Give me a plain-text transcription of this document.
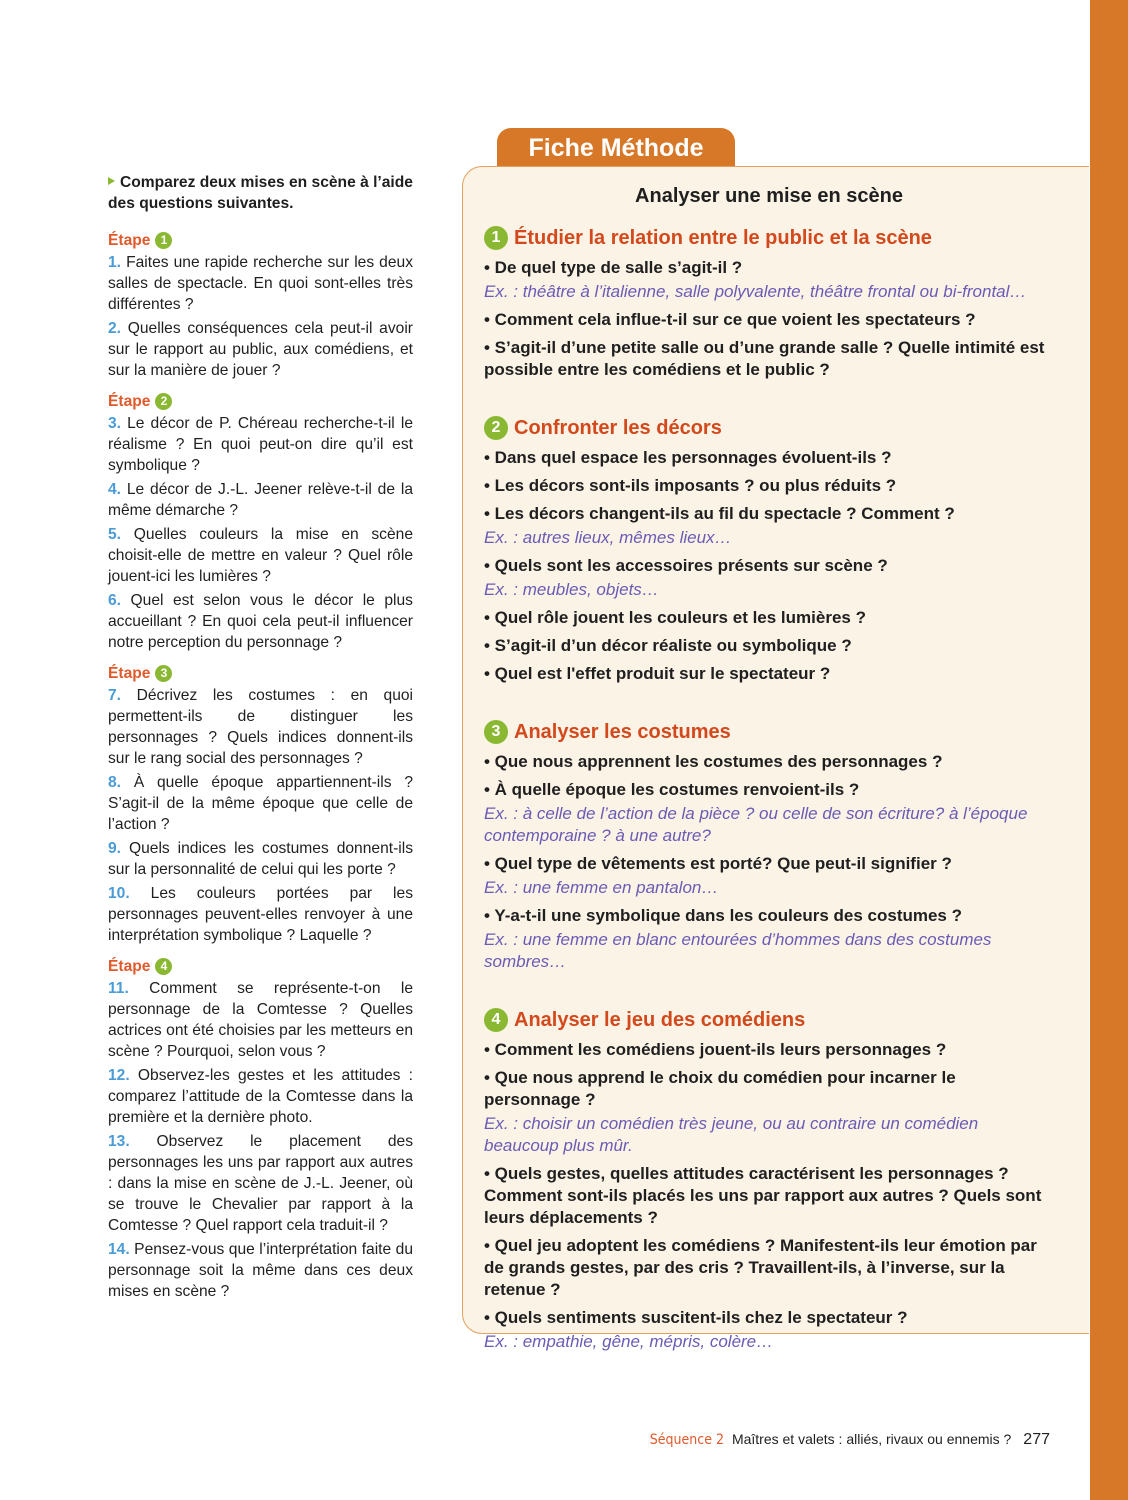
Comparez deux mises en scène à l’aide des questions suivantes.
Étape 1
1. Faites une rapide recherche sur les deux salles de spectacle. En quoi sont-elles très différentes ?
2. Quelles conséquences cela peut-il avoir sur le rapport au public, aux comédiens, et sur la manière de jouer ?
Étape 2
3. Le décor de P. Chéreau recherche-t-il le réalisme ? En quoi peut-on dire qu’il est symbolique ?
4. Le décor de J.-L. Jeener relève-t-il de la même démarche ?
5. Quelles couleurs la mise en scène choisit-elle de mettre en valeur ? Quel rôle jouent-ici les lumières ?
6. Quel est selon vous le décor le plus accueillant ? En quoi cela peut-il influencer notre perception du personnage ?
Étape 3
7. Décrivez les costumes : en quoi permettent-ils de distinguer les personnages ? Quels indices donnent-ils sur le rang social des personnages ?
8. À quelle époque appartiennent-ils ? S’agit-il de la même époque que celle de l’action ?
9. Quels indices les costumes donnent-ils sur la personnalité de celui qui les porte ?
10. Les couleurs portées par les personnages peuvent-elles renvoyer à une interprétation symbolique ? Laquelle ?
Étape 4
11. Comment se représente-t-on le personnage de la Comtesse ? Quelles actrices ont été choisies par les metteurs en scène ? Pourquoi, selon vous ?
12. Observez-les gestes et les attitudes : comparez l’attitude de la Comtesse dans la première et la dernière photo.
13. Observez le placement des personnages les uns par rapport aux autres : dans la mise en scène de J.-L. Jeener, où se trouve le Chevalier par rapport à la Comtesse ? Quel rapport cela traduit-il ?
14. Pensez-vous que l’interprétation faite du personnage soit la même dans ces deux mises en scène ?
Fiche Méthode
Analyser une mise en scène
1 Étudier la relation entre le public et la scène
• De quel type de salle s’agit-il ?
Ex. : théâtre à l’italienne, salle polyvalente, théâtre frontal ou bi-frontal…
• Comment cela influe-t-il sur ce que voient les spectateurs ?
• S’agit-il d’une petite salle ou d’une grande salle ? Quelle intimité est possible entre les comédiens et le public ?
2 Confronter les décors
• Dans quel espace les personnages évoluent-ils ?
• Les décors sont-ils imposants ? ou plus réduits ?
• Les décors changent-ils au fil du spectacle ? Comment ?
Ex. : autres lieux, mêmes lieux…
• Quels sont les accessoires présents sur scène ?
Ex. : meubles, objets…
• Quel rôle jouent les couleurs et les lumières ?
• S’agit-il d’un décor réaliste ou symbolique ?
• Quel est l'effet produit sur le spectateur ?
3 Analyser les costumes
• Que nous apprennent les costumes des personnages ?
• À quelle époque les costumes renvoient-ils ?
Ex. : à celle de l’action de la pièce ? ou celle de son écriture? à l’époque contemporaine ? à une autre?
• Quel type de vêtements est porté? Que peut-il signifier ?
Ex. : une femme en pantalon…
• Y-a-t-il une symbolique dans les couleurs des costumes ?
Ex. : une femme en blanc entourées d’hommes dans des costumes sombres…
4 Analyser le jeu des comédiens
• Comment les comédiens jouent-ils leurs personnages ?
• Que nous apprend le choix du comédien pour incarner le personnage ?
Ex. : choisir un comédien très jeune, ou au contraire un comédien beaucoup plus mûr.
• Quels gestes, quelles attitudes caractérisent les personnages ? Comment sont-ils placés les uns par rapport aux autres ? Quels sont leurs déplacements ?
• Quel jeu adoptent les comédiens ? Manifestent-ils leur émotion par de grands gestes, par des cris ? Travaillent-ils, à l’inverse, sur la retenue ?
• Quels sentiments suscitent-ils chez le spectateur ?
Ex. : empathie, gêne, mépris, colère…
Séquence 2 Maîtres et valets : alliés, rivaux ou ennemis ? 277
